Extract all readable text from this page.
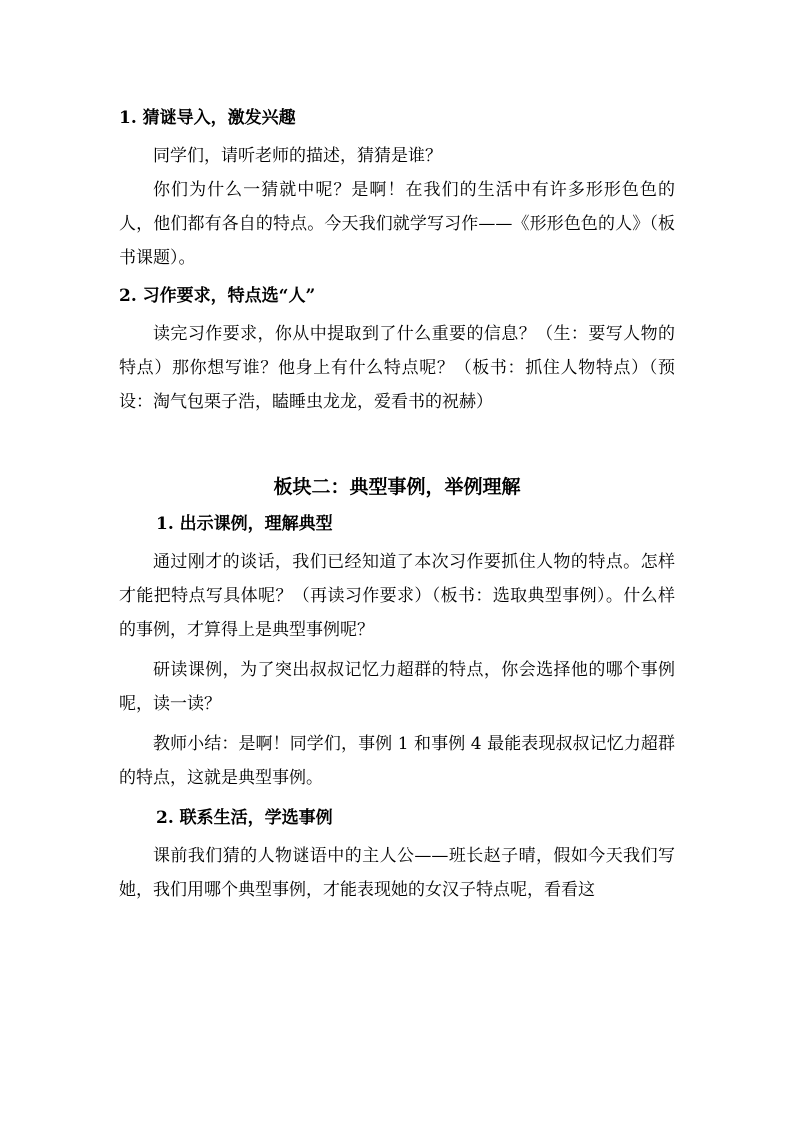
1. 猜谜导入，激发兴趣

同学们，请听老师的描述，猜猜是谁？

你们为什么一猜就中呢？是啊！在我们的生活中有许多形形色色的人，他们都有各自的特点。今天我们就学写习作——《形形色色的人》（板书课题）。

2. 习作要求，特点选“人”

读完习作要求，你从中提取到了什么重要的信息？（生：要写人物的特点）那你想写谁？他身上有什么特点呢？（板书：抓住人物特点）（预设：淘气包栗子浩，瞌睡虫龙龙，爱看书的祝赫）

板块二：典型事例，举例理解

1. 出示课例，理解典型

通过刚才的谈话，我们已经知道了本次习作要抓住人物的特点。怎样才能把特点写具体呢？（再读习作要求）（板书：选取典型事例）。什么样的事例，才算得上是典型事例呢？

研读课例，为了突出叔叔记忆力超群的特点，你会选择他的哪个事例呢，读一读？

教师小结：是啊！同学们，事例 1 和事例 4 最能表现叔叔记忆力超群的特点，这就是典型事例。

2. 联系生活，学选事例

课前我们猜的人物谜语中的主人公——班长赵子晴，假如今天我们写她，我们用哪个典型事例，才能表现她的女汉子特点呢，看看这
